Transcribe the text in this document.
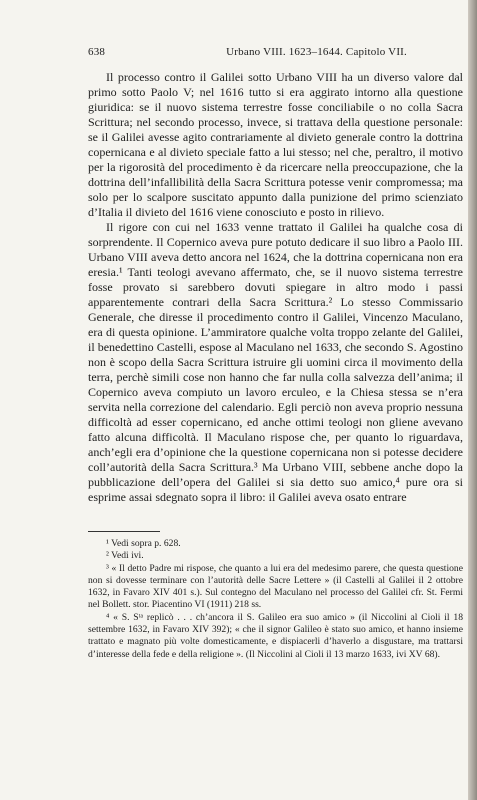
638	Urbano VIII. 1623–1644. Capitolo VII.

Il processo contro il Galilei sotto Urbano VIII ha un diverso valore dal primo sotto Paolo V; nel 1616 tutto si era aggirato intorno alla questione giuridica: se il nuovo sistema terrestre fosse conciliabile o no colla Sacra Scrittura; nel secondo processo, invece, si trattava della questione personale: se il Galilei avesse agito contrariamente al divieto generale contro la dottrina copernicana e al divieto speciale fatto a lui stesso; nel che, peraltro, il motivo per la rigorosità del procedimento è da ricercare nella preoccupazione, che la dottrina dell’infallibilità della Sacra Scrittura potesse venir compromessa; ma solo per lo scalpore suscitato appunto dalla punizione del primo scienziato d’Italia il divieto del 1616 viene conosciuto e posto in rilievo.

Il rigore con cui nel 1633 venne trattato il Galilei ha qualche cosa di sorprendente. Il Copernico aveva pure potuto dedicare il suo libro a Paolo III. Urbano VIII aveva detto ancora nel 1624, che la dottrina copernicana non era eresia.¹ Tanti teologi avevano affermato, che, se il nuovo sistema terrestre fosse provato si sarebbero dovuti spiegare in altro modo i passi apparentemente contrari della Sacra Scrittura.² Lo stesso Commissario Generale, che diresse il procedimento contro il Galilei, Vincenzo Maculano, era di questa opinione. L’ammiratore qualche volta troppo zelante del Galilei, il benedettino Castelli, espose al Maculano nel 1633, che secondo S. Agostino non è scopo della Sacra Scrittura istruire gli uomini circa il movimento della terra, perchè simili cose non hanno che far nulla colla salvezza dell’anima; il Copernico aveva compiuto un lavoro erculeo, e la Chiesa stessa se n’era servita nella correzione del calendario. Egli perciò non aveva proprio nessuna difficoltà ad esser copernicano, ed anche ottimi teologi non gliene avevano fatto alcuna difficoltà. Il Maculano rispose che, per quanto lo riguardava, anch’egli era d’opinione che la questione copernicana non si potesse decidere coll’autorità della Sacra Scrittura.³ Ma Urbano VIII, sebbene anche dopo la pubblicazione dell’opera del Galilei si sia detto suo amico,⁴ pure ora si esprime assai sdegnato sopra il libro: il Galilei aveva osato entrare

¹ Vedi sopra p. 628.

² Vedi ivi.

³ « Il detto Padre mi rispose, che quanto a lui era del medesimo parere, che questa questione non si dovesse terminare con l’autorità delle Sacre Lettere » (il Castelli al Galilei il 2 ottobre 1632, in Favaro XIV 401 s.). Sul contegno del Maculano nel processo del Galilei cfr. St. Fermi nel Bollett. stor. Piacentino VI (1911) 218 ss.

⁴ « S. Sᵗᵃ replicò . . . ch’ancora il S. Galileo era suo amico » (il Niccolini al Cioli il 18 settembre 1632, in Favaro XIV 392); « che il signor Galileo è stato suo amico, et hanno insieme trattato e magnato più volte domesticamente, e dispiacerli d’haverlo a disgustare, ma trattarsi d’interesse della fede e della religione ». (Il Niccolini al Cioli il 13 marzo 1633, ivi XV 68).
